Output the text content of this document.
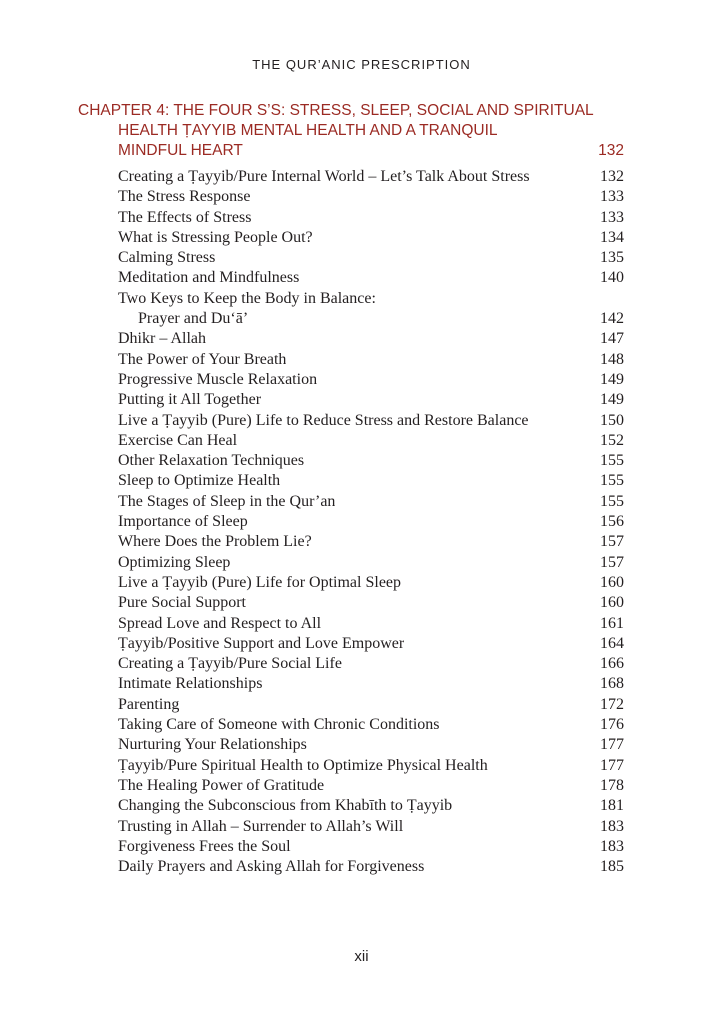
THE QUR’ANIC PRESCRIPTION
CHAPTER 4: THE FOUR S’S: STRESS, SLEEP, SOCIAL AND SPIRITUAL
HEALTH ṬAYYIB MENTAL HEALTH AND A TRANQUIL
MINDFUL HEART	132
Creating a Ṭayyib/Pure Internal World – Let’s Talk About Stress	132
The Stress Response	133
The Effects of Stress	133
What is Stressing People Out?	134
Calming Stress	135
Meditation and Mindfulness	140
Two Keys to Keep the Body in Balance:
Prayer and Du‘ā’	142
Dhikr – Allah	147
The Power of Your Breath	148
Progressive Muscle Relaxation	149
Putting it All Together	149
Live a Ṭayyib (Pure) Life to Reduce Stress and Restore Balance	150
Exercise Can Heal	152
Other Relaxation Techniques	155
Sleep to Optimize Health	155
The Stages of Sleep in the Qur’an	155
Importance of Sleep	156
Where Does the Problem Lie?	157
Optimizing Sleep	157
Live a Ṭayyib (Pure) Life for Optimal Sleep	160
Pure Social Support	160
Spread Love and Respect to All	161
Ṭayyib/Positive Support and Love Empower	164
Creating a Ṭayyib/Pure Social Life	166
Intimate Relationships	168
Parenting	172
Taking Care of Someone with Chronic Conditions	176
Nurturing Your Relationships	177
Ṭayyib/Pure Spiritual Health to Optimize Physical Health	177
The Healing Power of Gratitude	178
Changing the Subconscious from Khabīth to Ṭayyib	181
Trusting in Allah – Surrender to Allah’s Will	183
Forgiveness Frees the Soul	183
Daily Prayers and Asking Allah for Forgiveness	185
xii
